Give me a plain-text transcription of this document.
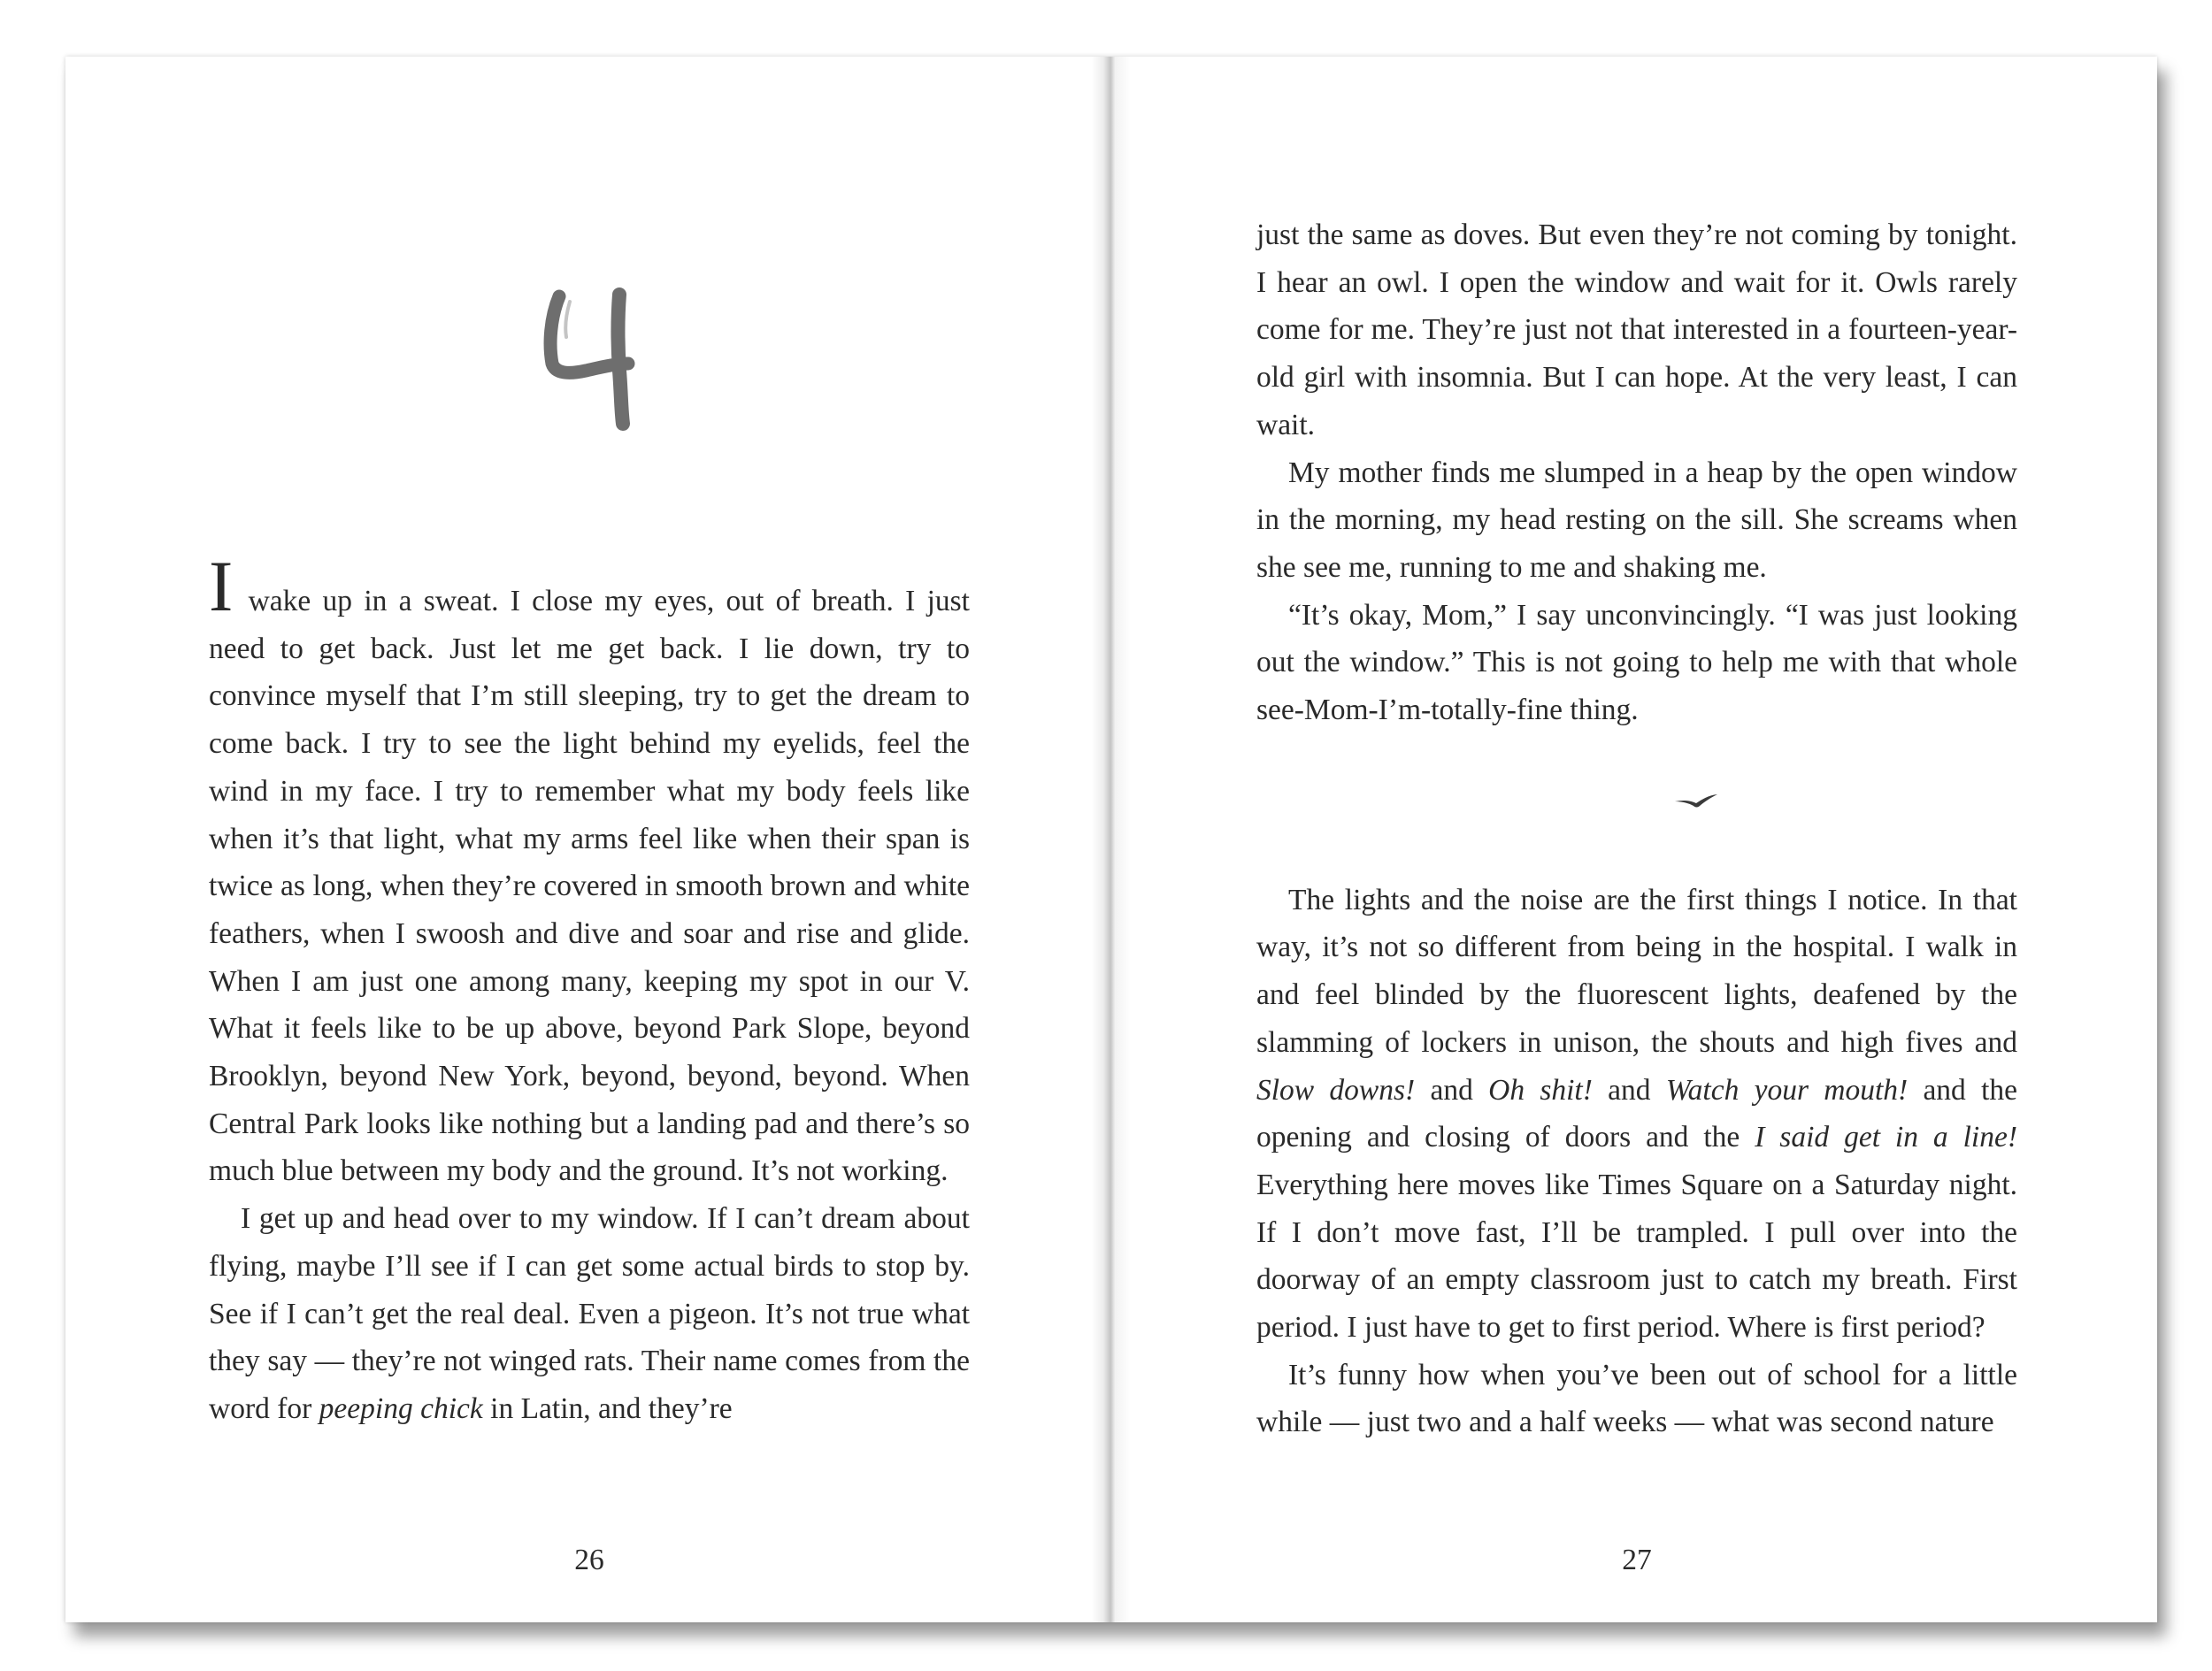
I wake up in a sweat. I close my eyes, out of breath. I just need to get back. Just let me get back. I lie down, try to convince myself that I’m still sleeping, try to get the dream to come back. I try to see the light behind my eyelids, feel the wind in my face. I try to remember what my body feels like when it’s that light, what my arms feel like when their span is twice as long, when they’re covered in smooth brown and white feathers, when I swoosh and dive and soar and rise and glide. When I am just one among many, keeping my spot in our V. What it feels like to be up above, beyond Park Slope, beyond Brooklyn, beyond New York, beyond, beyond, beyond. When Central Park looks like nothing but a landing pad and there’s so much blue between my body and the ground. It’s not working.

I get up and head over to my window. If I can’t dream about flying, maybe I’ll see if I can get some actual birds to stop by. See if I can’t get the real deal. Even a pigeon. It’s not true what they say — they’re not winged rats. Their name comes from the word for peeping chick in Latin, and they’re

26

just the same as doves. But even they’re not coming by tonight. I hear an owl. I open the window and wait for it. Owls rarely come for me. They’re just not that interested in a fourteen-year-old girl with insomnia. But I can hope. At the very least, I can wait.

My mother finds me slumped in a heap by the open window in the morning, my head resting on the sill. She screams when she see me, running to me and shaking me.

“It’s okay, Mom,” I say unconvincingly. “I was just looking out the window.” This is not going to help me with that whole see-Mom-I’m-totally-fine thing.

The lights and the noise are the first things I notice. In that way, it’s not so different from being in the hospital. I walk in and feel blinded by the fluorescent lights, deafened by the slamming of lockers in unison, the shouts and high fives and Slow downs! and Oh shit! and Watch your mouth! and the opening and closing of doors and the I said get in a line! Everything here moves like Times Square on a Saturday night. If I don’t move fast, I’ll be trampled. I pull over into the doorway of an empty classroom just to catch my breath. First period. I just have to get to first period. Where is first period?

It’s funny how when you’ve been out of school for a little while — just two and a half weeks — what was second nature

27
